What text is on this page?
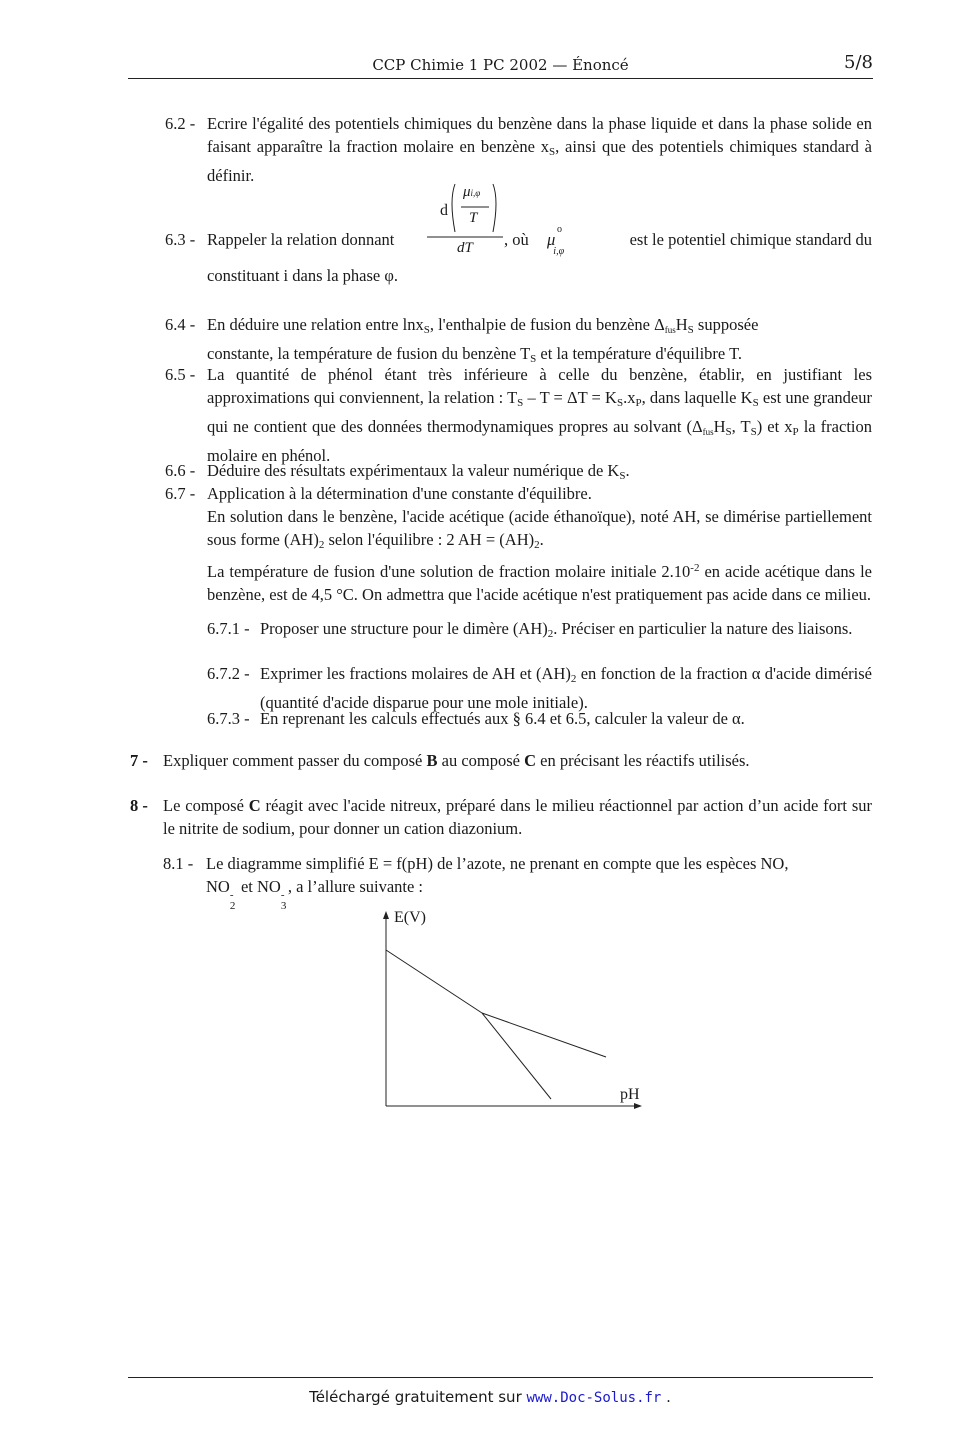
CCP Chimie 1 PC 2002 — Énoncé	5/8
6.2 - Ecrire l'égalité des potentiels chimiques du benzène dans la phase liquide et dans la phase solide en faisant apparaître la fraction molaire en benzène $x_S$, ainsi que des potentiels chimiques standard à définir.
6.3 - Rappeler la relation donnant	, où $\mu_{i,\varphi}$
o
est le potentiel chimique standard du
constituant i dans la phase φ.
d
μi,φ
T
dT
6.4 - En déduire une relation entre lnx$_S$, l'enthalpie de fusion du benzène $\Delta_{fus}H_S$ supposée
constante, la température de fusion du benzène $T_S$ et la température d'équilibre T.
6.5 - La quantité de phénol étant très inférieure à celle du benzène, établir, en justifiant les approximations qui conviennent, la relation : $T_S - T = \Delta T = K_S.x_P$, dans laquelle $K_S$ est une grandeur qui ne contient que des données thermodynamiques propres au solvant ($\Delta_{fus}H_S$, $T_S$) et $x_P$ la fraction molaire en phénol.
6.6 - Déduire des résultats expérimentaux la valeur numérique de $K_S$.
6.7 - Application à la détermination d'une constante d'équilibre.
En solution dans le benzène, l'acide acétique (acide éthanoïque), noté AH, se dimérise partiellement sous forme $(AH)_2$ selon l'équilibre : 2 AH = $(AH)_2$.
La température de fusion d'une solution de fraction molaire initiale $2.10^{-2}$ en acide acétique dans le benzène, est de 4,5 °C. On admettra que l'acide acétique n'est pratiquement pas acide dans ce milieu.
6.7.1 - Proposer une structure pour le dimère $(AH)_2$. Préciser en particulier la nature des liaisons.
6.7.2 - Exprimer les fractions molaires de AH et $(AH)_2$ en fonction de la fraction α d'acide dimérisé (quantité d'acide disparue pour une mole initiale).
6.7.3 - En reprenant les calculs effectués aux § 6.4 et 6.5, calculer la valeur de α.
7 - Expliquer comment passer du composé B au composé C en précisant les réactifs utilisés.
8 - Le composé C réagit avec l'acide nitreux, préparé dans le milieu réactionnel par action d’un acide fort sur le nitrite de sodium, pour donner un cation diazonium.
8.1 - Le diagramme simplifié E = f(pH) de l’azote, ne prenant en compte que les espèces NO,
NO -
2
et NO -
3
, a l’allure suivante :
E(V)
pH
Téléchargé gratuitement sur www.Doc-Solus.fr .
